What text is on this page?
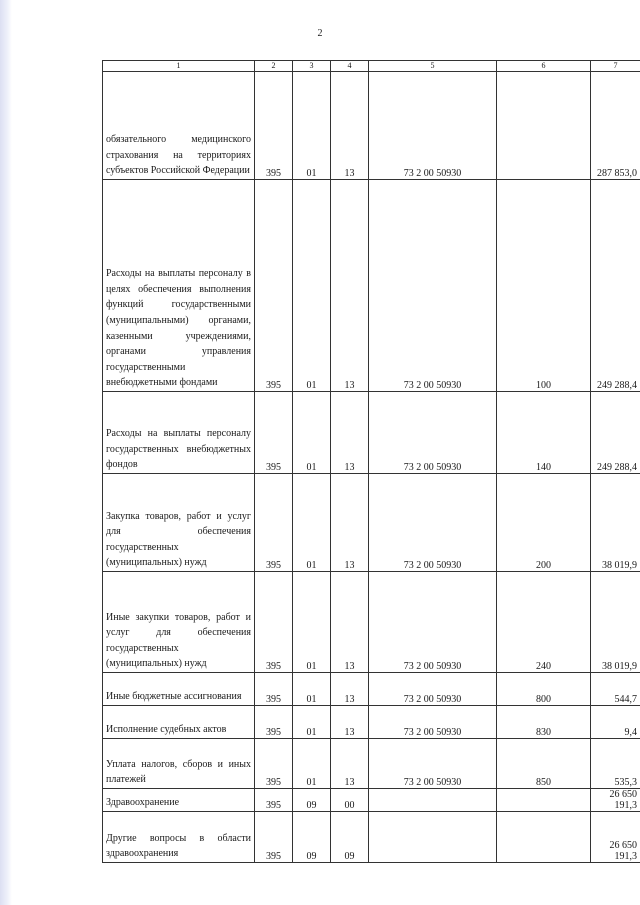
2
1	2	3	4	5	6	7
обязательного медицинского страхования на территориях субъектов Российской Федерации	395	01	13	73 2 00 50930		287 853,0
Расходы на выплаты персоналу в целях обеспечения выполнения функций государственными (муниципальными) органами, казенными учреждениями, органами управления государственными внебюджетными фондами	395	01	13	73 2 00 50930	100	249 288,4
Расходы на выплаты персоналу государственных внебюджетных фондов	395	01	13	73 2 00 50930	140	249 288,4
Закупка товаров, работ и услуг для обеспечения государственных (муниципальных) нужд	395	01	13	73 2 00 50930	200	38 019,9
Иные закупки товаров, работ и услуг для обеспечения государственных (муниципальных) нужд	395	01	13	73 2 00 50930	240	38 019,9
Иные бюджетные ассигнования	395	01	13	73 2 00 50930	800	544,7
Исполнение судебных актов	395	01	13	73 2 00 50930	830	9,4
Уплата налогов, сборов и иных платежей	395	01	13	73 2 00 50930	850	535,3
Здравоохранение	395	09	00			26 650 191,3
Другие вопросы в области здравоохранения	395	09	09			26 650 191,3
